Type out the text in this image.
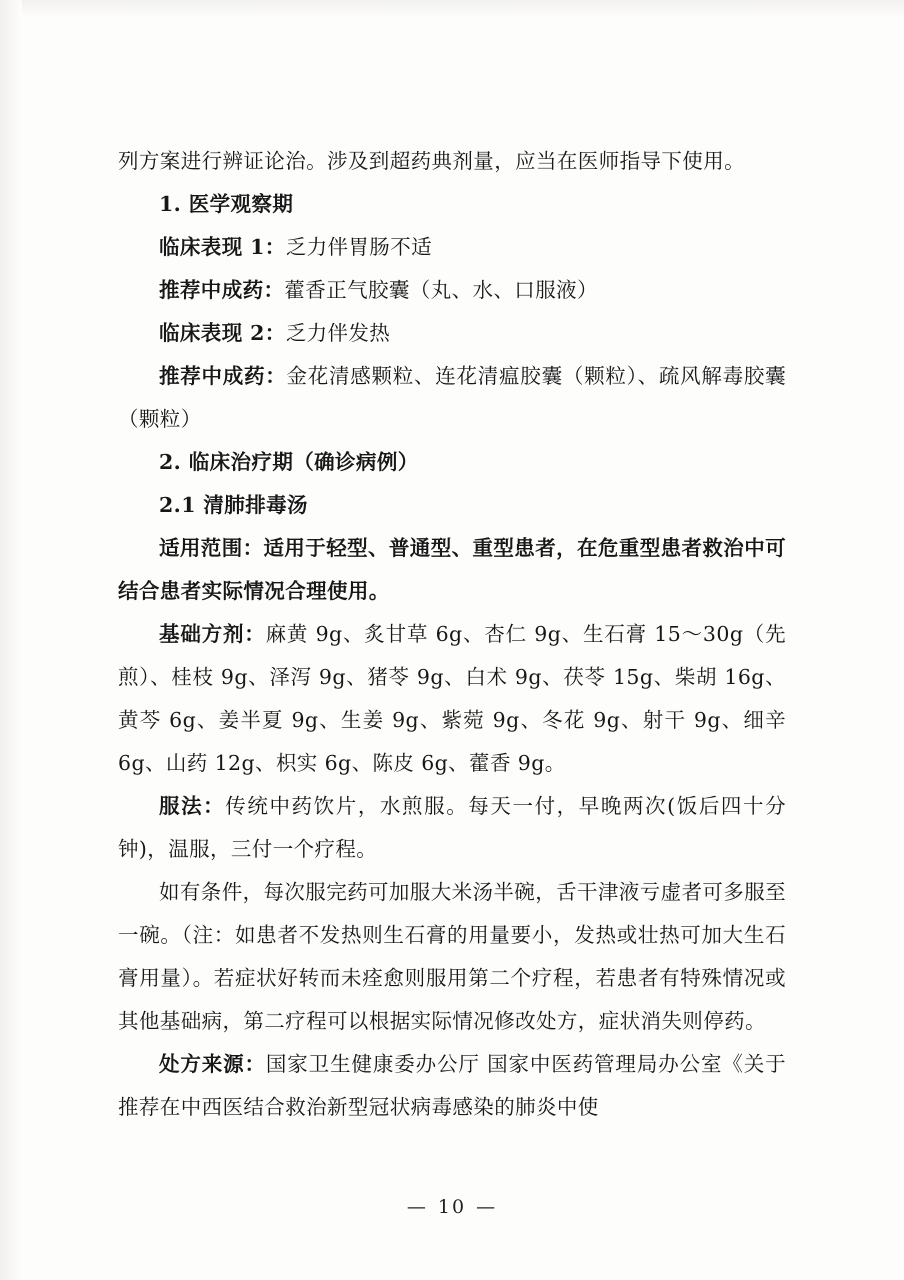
列方案进行辨证论治。涉及到超药典剂量，应当在医师指导下使用。

1. 医学观察期

临床表现 1：乏力伴胃肠不适

推荐中成药：藿香正气胶囊（丸、水、口服液）

临床表现 2：乏力伴发热

推荐中成药：金花清感颗粒、连花清瘟胶囊（颗粒）、疏风解毒胶囊（颗粒）

2. 临床治疗期（确诊病例）

2.1 清肺排毒汤

适用范围：适用于轻型、普通型、重型患者，在危重型患者救治中可结合患者实际情况合理使用。

基础方剂：麻黄 9g、炙甘草 6g、杏仁 9g、生石膏 15～30g（先煎）、桂枝 9g、泽泻 9g、猪苓 9g、白术 9g、茯苓 15g、柴胡 16g、黄芩 6g、姜半夏 9g、生姜 9g、紫菀 9g、冬花 9g、射干 9g、细辛 6g、山药 12g、枳实 6g、陈皮 6g、藿香 9g。

服法：传统中药饮片，水煎服。每天一付，早晚两次(饭后四十分钟)，温服，三付一个疗程。

如有条件，每次服完药可加服大米汤半碗，舌干津液亏虚者可多服至一碗。（注：如患者不发热则生石膏的用量要小，发热或壮热可加大生石膏用量）。若症状好转而未痊愈则服用第二个疗程，若患者有特殊情况或其他基础病，第二疗程可以根据实际情况修改处方，症状消失则停药。

处方来源：国家卫生健康委办公厅 国家中医药管理局办公室《关于推荐在中西医结合救治新型冠状病毒感染的肺炎中使

— 10 —
